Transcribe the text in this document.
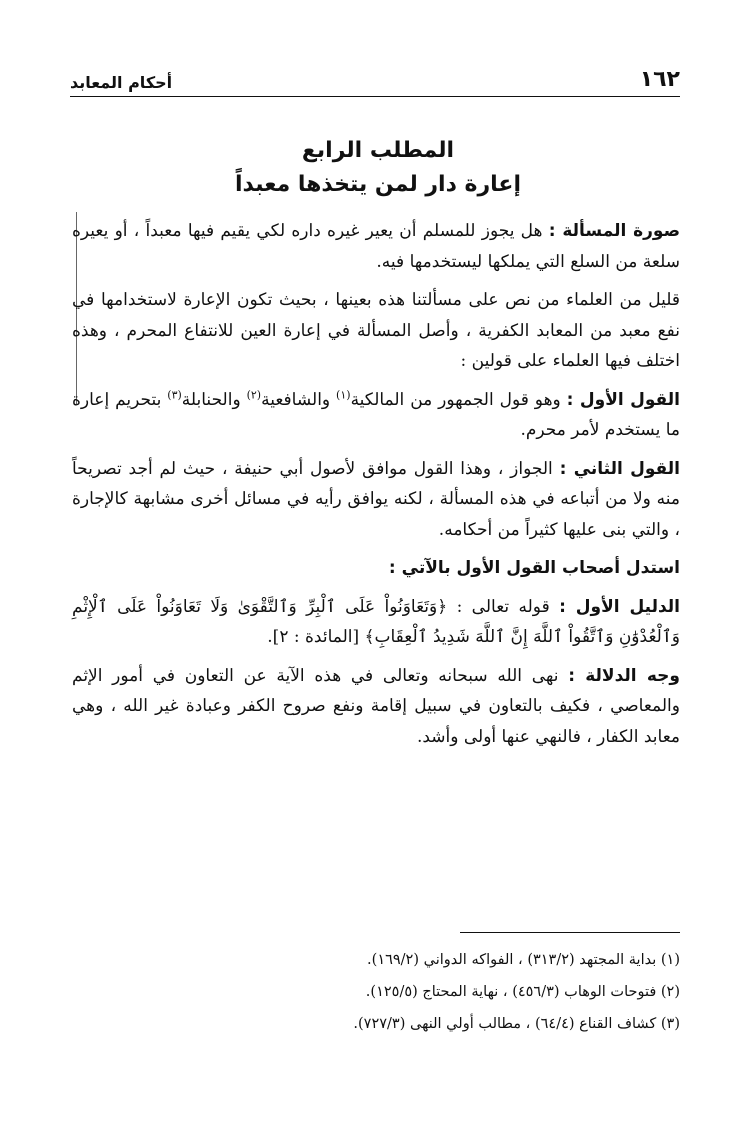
١٦٢
أحكام المعابد
المطلب الرابع
إعارة دار لمن يتخذها معبداً

صورة المسألة : هل يجوز للمسلم أن يعير غيره داره لكي يقيم فيها معبداً ، أو يعيره سلعة من السلع التي يملكها ليستخدمها فيه.

قليل من العلماء من نص على مسألتنا هذه بعينها ، بحيث تكون الإعارة لاستخدامها في نفع معبد من المعابد الكفرية ، وأصل المسألة في إعارة العين للانتفاع المحرم ، وهذه اختلف فيها العلماء على قولين :

القول الأول : وهو قول الجمهور من المالكية$^{(١)}$ والشافعية$^{(٢)}$ والحنابلة$^{(٣)}$ بتحريم إعارة ما يستخدم لأمر محرم.

القول الثاني : الجواز ، وهذا القول موافق لأصول أبي حنيفة ، حيث لم أجد تصريحاً منه ولا من أتباعه في هذه المسألة ، لكنه يوافق رأيه في مسائل أخرى مشابهة كالإجارة ، والتي بنى عليها كثيراً من أحكامه.

استدل أصحاب القول الأول بالآتي :

الدليل الأول : قوله تعالى : ﴿وَتَعَاوَنُواْ عَلَى ٱلْبِرِّ وَٱلتَّقْوَىٰ وَلَا تَعَاوَنُواْ عَلَى ٱلْإِثْمِ وَٱلْعُدْوَٰنِ وَٱتَّقُواْ ٱللَّهَ إِنَّ ٱللَّهَ شَدِيدُ ٱلْعِقَابِ﴾ [المائدة : ٢].

وجه الدلالة : نهى الله سبحانه وتعالى في هذه الآية عن التعاون في أمور الإثم والمعاصي ، فكيف بالتعاون في سبيل إقامة ونفع صروح الكفر وعبادة غير الله ، وهي معابد الكفار ، فالنهي عنها أولى وأشد.

(١) بداية المجتهد (٣١٣/٢) ، الفواكه الدواني (١٦٩/٢).
(٢) فتوحات الوهاب (٤٥٦/٣) ، نهاية المحتاج (١٢٥/٥).
(٣) كشاف القناع (٦٤/٤) ، مطالب أولي النهى (٧٢٧/٣).
